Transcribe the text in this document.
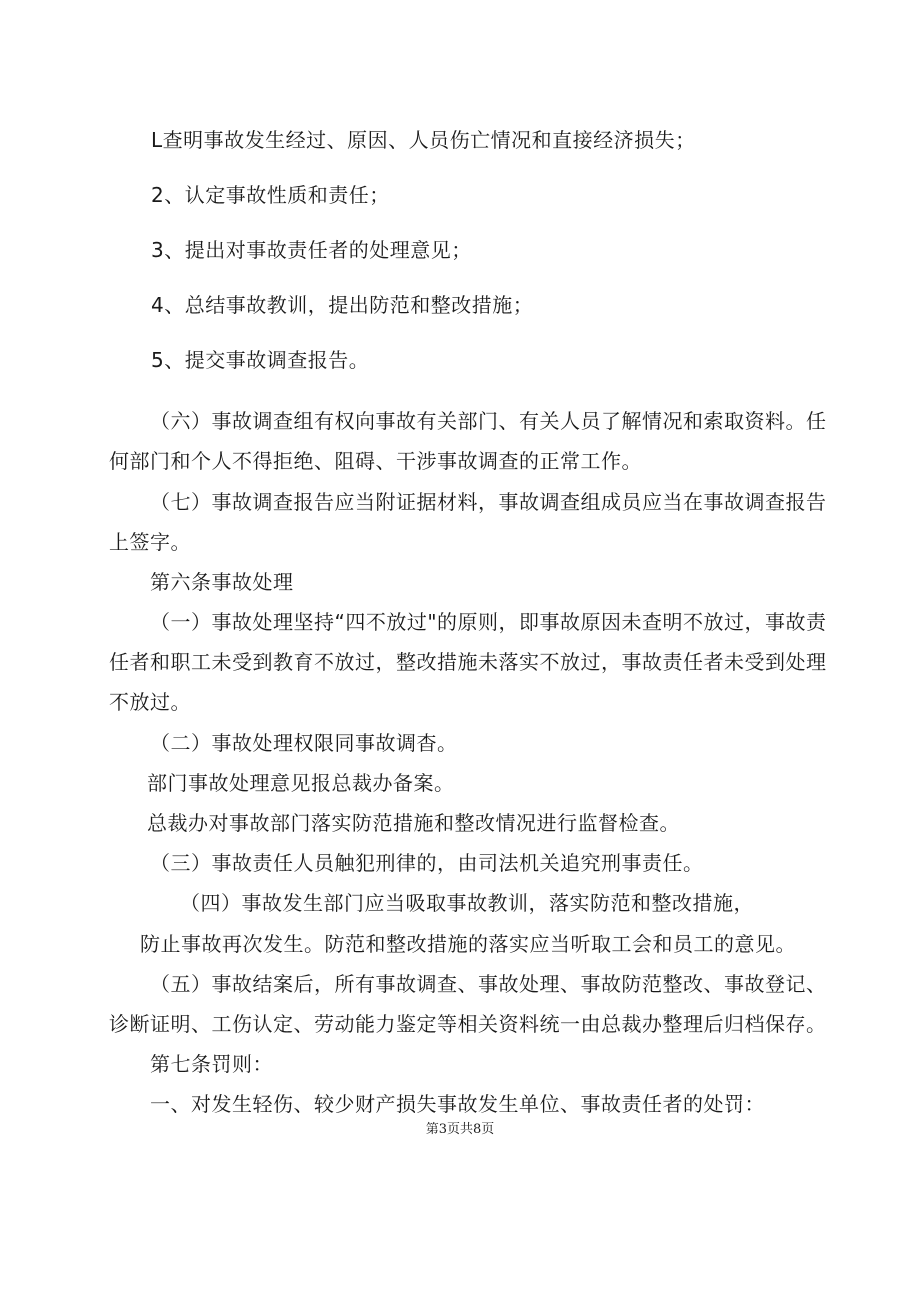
L查明事故发生经过、原因、人员伤亡情况和直接经济损失；
2、认定事故性质和责任；
3、提出对事故责任者的处理意见；
4、总结事故教训，提出防范和整改措施；
5、提交事故调查报告。
（六）事故调查组有权向事故有关部门、有关人员了解情况和索取资料。任
何部门和个人不得拒绝、阻碍、干涉事故调查的正常工作。
（七）事故调查报告应当附证据材料，事故调查组成员应当在事故调查报告
上签字。
第六条事故处理
（一）事故处理坚持“四不放过"的原则，即事故原因未查明不放过，事故责
任者和职工未受到教育不放过，整改措施未落实不放过，事故责任者未受到处理
不放过。
（二）事故处理权限同事故调杳。
部门事故处理意见报总裁办备案。
总裁办对事故部门落实防范措施和整改情况进行监督检查。
（三）事故责任人员触犯刑律的，由司法机关追究刑事责任。
（四）事故发生部门应当吸取事故教训，落实防范和整改措施，
防止事故再次发生。防范和整改措施的落实应当听取工会和员工的意见。
（五）事故结案后，所有事故调查、事故处理、事故防范整改、事故登记、
诊断证明、工伤认定、劳动能力鉴定等相关资料统一由总裁办整理后归档保存。
第七条罚则：
一、对发生轻伤、较少财产损失事故发生单位、事故责任者的处罚：
第3页共8页
